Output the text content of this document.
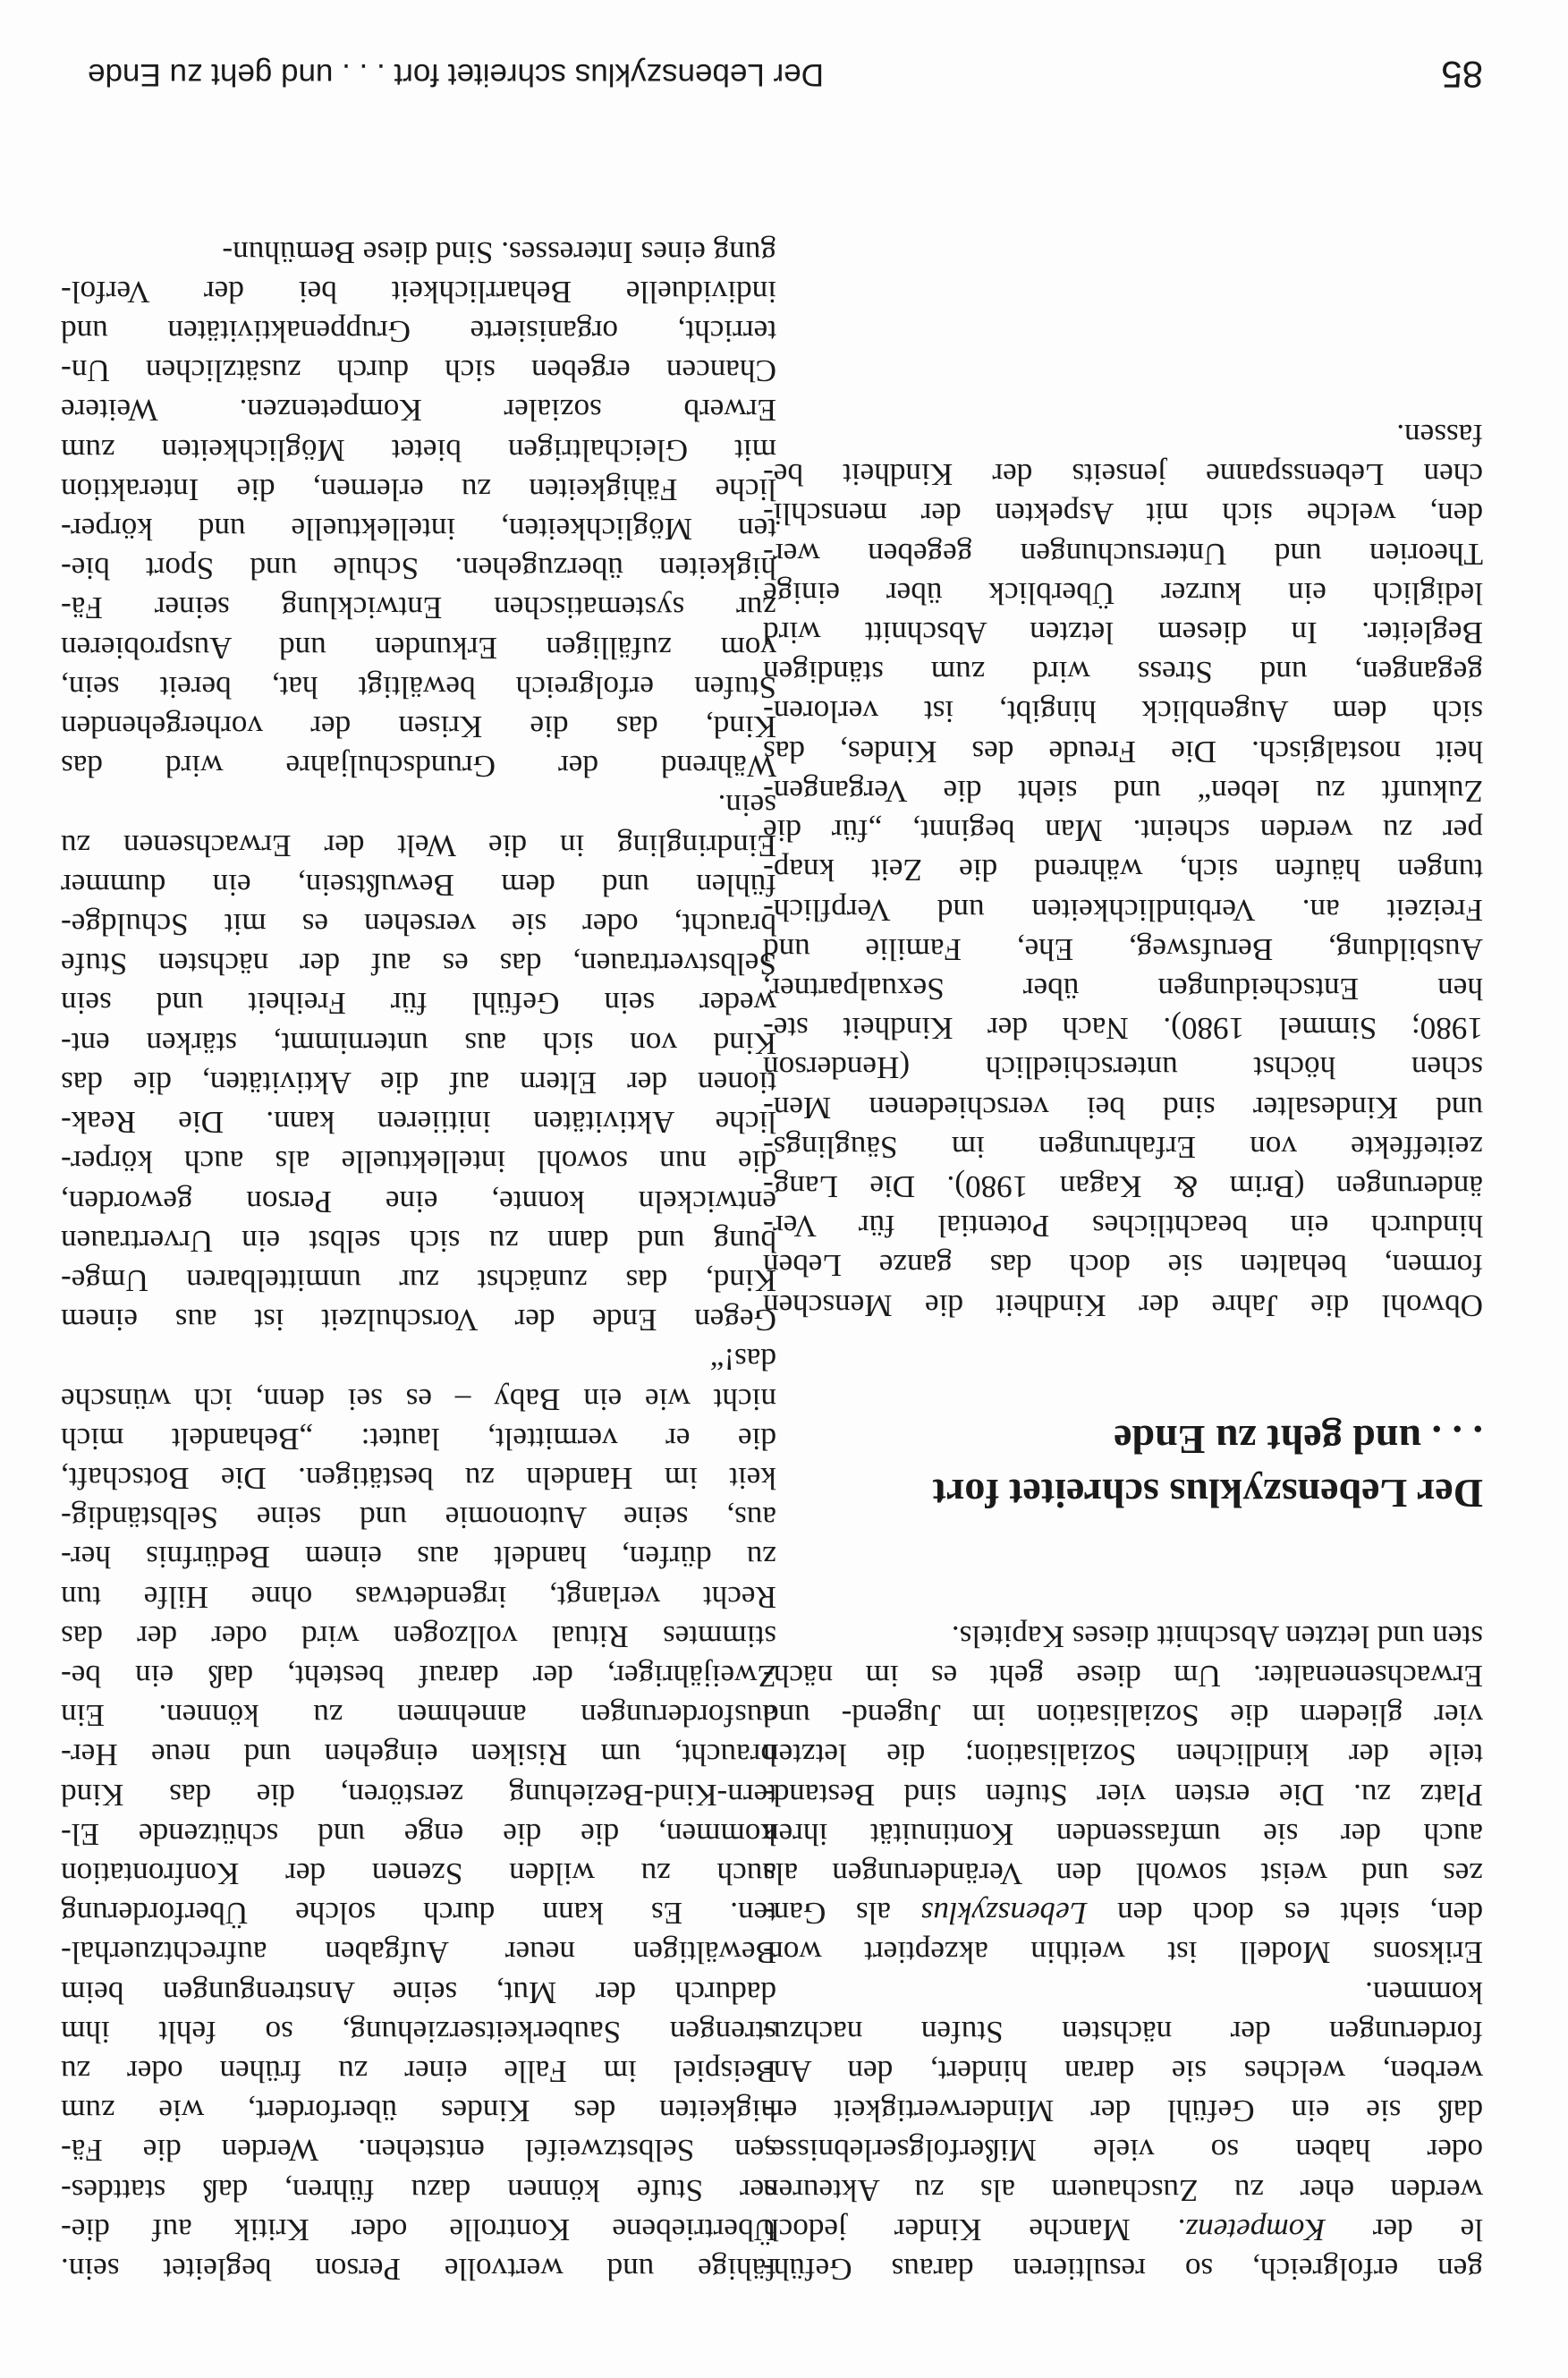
85
Der Lebenszyklus schreitet fort . . . und geht zu Ende

gen erfolgreich, so resultieren daraus Gefüh-
le der Kompetenz. Manche Kinder jedoch
werden eher zu Zuschauern als zu Akteuren
oder haben so viele Mißerfolgserlebnisse,
daß sie ein Gefühl der Minderwertigkeit er-
werben, welches sie daran hindert, den An-
forderungen der nächsten Stufen nachzu-
kommen.

Eriksons Modell ist weithin akzeptiert wor-
den, sieht es doch den Lebenszyklus als Gan-
zes und weist sowohl den Veränderungen als
auch der sie umfassenden Kontinuität ihren
Platz zu. Die ersten vier Stufen sind Bestand-
teile der kindlichen Sozialisation; die letzten
vier gliedern die Sozialisation im Jugend- und
Erwachsenenalter. Um diese geht es im näch-
sten und letzten Abschnitt dieses Kapitels.

Der Lebenszyklus schreitet fort
. . . und geht zu Ende

Obwohl die Jahre der Kindheit die Menschen
formen, behalten sie doch das ganze Leben
hindurch ein beachtliches Potential für Ver-
änderungen (Brim & Kagan 1980). Die Lang-
zeiteffekte von Erfahrungen im Säuglings-
und Kindesalter sind bei verschiedenen Men-
schen höchst unterschiedlich (Henderson
1980; Simmel 1980). Nach der Kindheit ste-
hen Entscheidungen über Sexualpartner,
Ausbildung, Berufsweg, Ehe, Familie und
Freizeit an. Verbindlichkeiten und Verpflich-
tungen häufen sich, während die Zeit knap-
per zu werden scheint. Man beginnt, „für die
Zukunft zu leben“ und sieht die Vergangen-
heit nostalgisch. Die Freude des Kindes, das
sich dem Augenblick hingibt, ist verloren-
gegangen, und Stress wird zum ständigen
Begleiter. In diesem letzten Abschnitt wird
lediglich ein kurzer Überblick über einige
Theorien und Untersuchungen gegeben wer-
den, welche sich mit Aspekten der menschli-
chen Lebensspanne jenseits der Kindheit be-
fassen.

fähige und wertvolle Person begleitet sein.
Übertriebene Kontrolle oder Kritik auf die-
ser Stufe können dazu führen, daß stattdes-
sen Selbstzweifel entstehen. Werden die Fä-
higkeiten des Kindes überfordert, wie zum
Beispiel im Falle einer zu frühen oder zu
strengen Sauberkeitserziehung, so fehlt ihm
dadurch der Mut, seine Anstrengungen beim
Bewältigen neuer Aufgaben aufrechtzuerhal-
ten. Es kann durch solche Überforderung
auch zu wilden Szenen der Konfrontation
kommen, die die enge und schützende El-
tern-Kind-Beziehung zerstören, die das Kind
braucht, um Risiken eingehen und neue Her-
ausforderungen annehmen zu können. Ein
Zweijähriger, der darauf besteht, daß ein be-
stimmtes Ritual vollzogen wird oder der das
Recht verlangt, irgendetwas ohne Hilfe tun
zu dürfen, handelt aus einem Bedürfnis her-
aus, seine Autonomie und seine Selbständig-
keit im Handeln zu bestätigen. Die Botschaft,
die er vermittelt, lautet: „Behandelt mich
nicht wie ein Baby – es sei denn, ich wünsche
das!“

Gegen Ende der Vorschulzeit ist aus einem
Kind, das zunächst zur unmittelbaren Umge-
bung und dann zu sich selbst ein Urvertrauen
entwickeln konnte, eine Person geworden,
die nun sowohl intellektuelle als auch körper-
liche Aktivitäten initiieren kann. Die Reak-
tionen der Eltern auf die Aktivitäten, die das
Kind von sich aus unternimmt, stärken ent-
weder sein Gefühl für Freiheit und sein
Selbstvertrauen, das es auf der nächsten Stufe
braucht, oder sie versehen es mit Schuldge-
fühlen und dem Bewußtsein, ein dummer
Eindringling in die Welt der Erwachsenen zu
sein.

Während der Grundschuljahre wird das
Kind, das die Krisen der vorhergehenden
Stufen erfolgreich bewältigt hat, bereit sein,
vom zufälligen Erkunden und Ausprobieren
zur systematischen Entwicklung seiner Fä-
higkeiten überzugehen. Schule und Sport bie-
ten Möglichkeiten, intellektuelle und körper-
liche Fähigkeiten zu erlernen, die Interaktion
mit Gleichaltrigen bietet Möglichkeiten zum
Erwerb sozialer Kompetenzen. Weitere
Chancen ergeben sich durch zusätzlichen Un-
terricht, organisierte Gruppenaktivitäten und
individuelle Beharrlichkeit bei der Verfol-
gung eines Interesses. Sind diese Bemühun-
